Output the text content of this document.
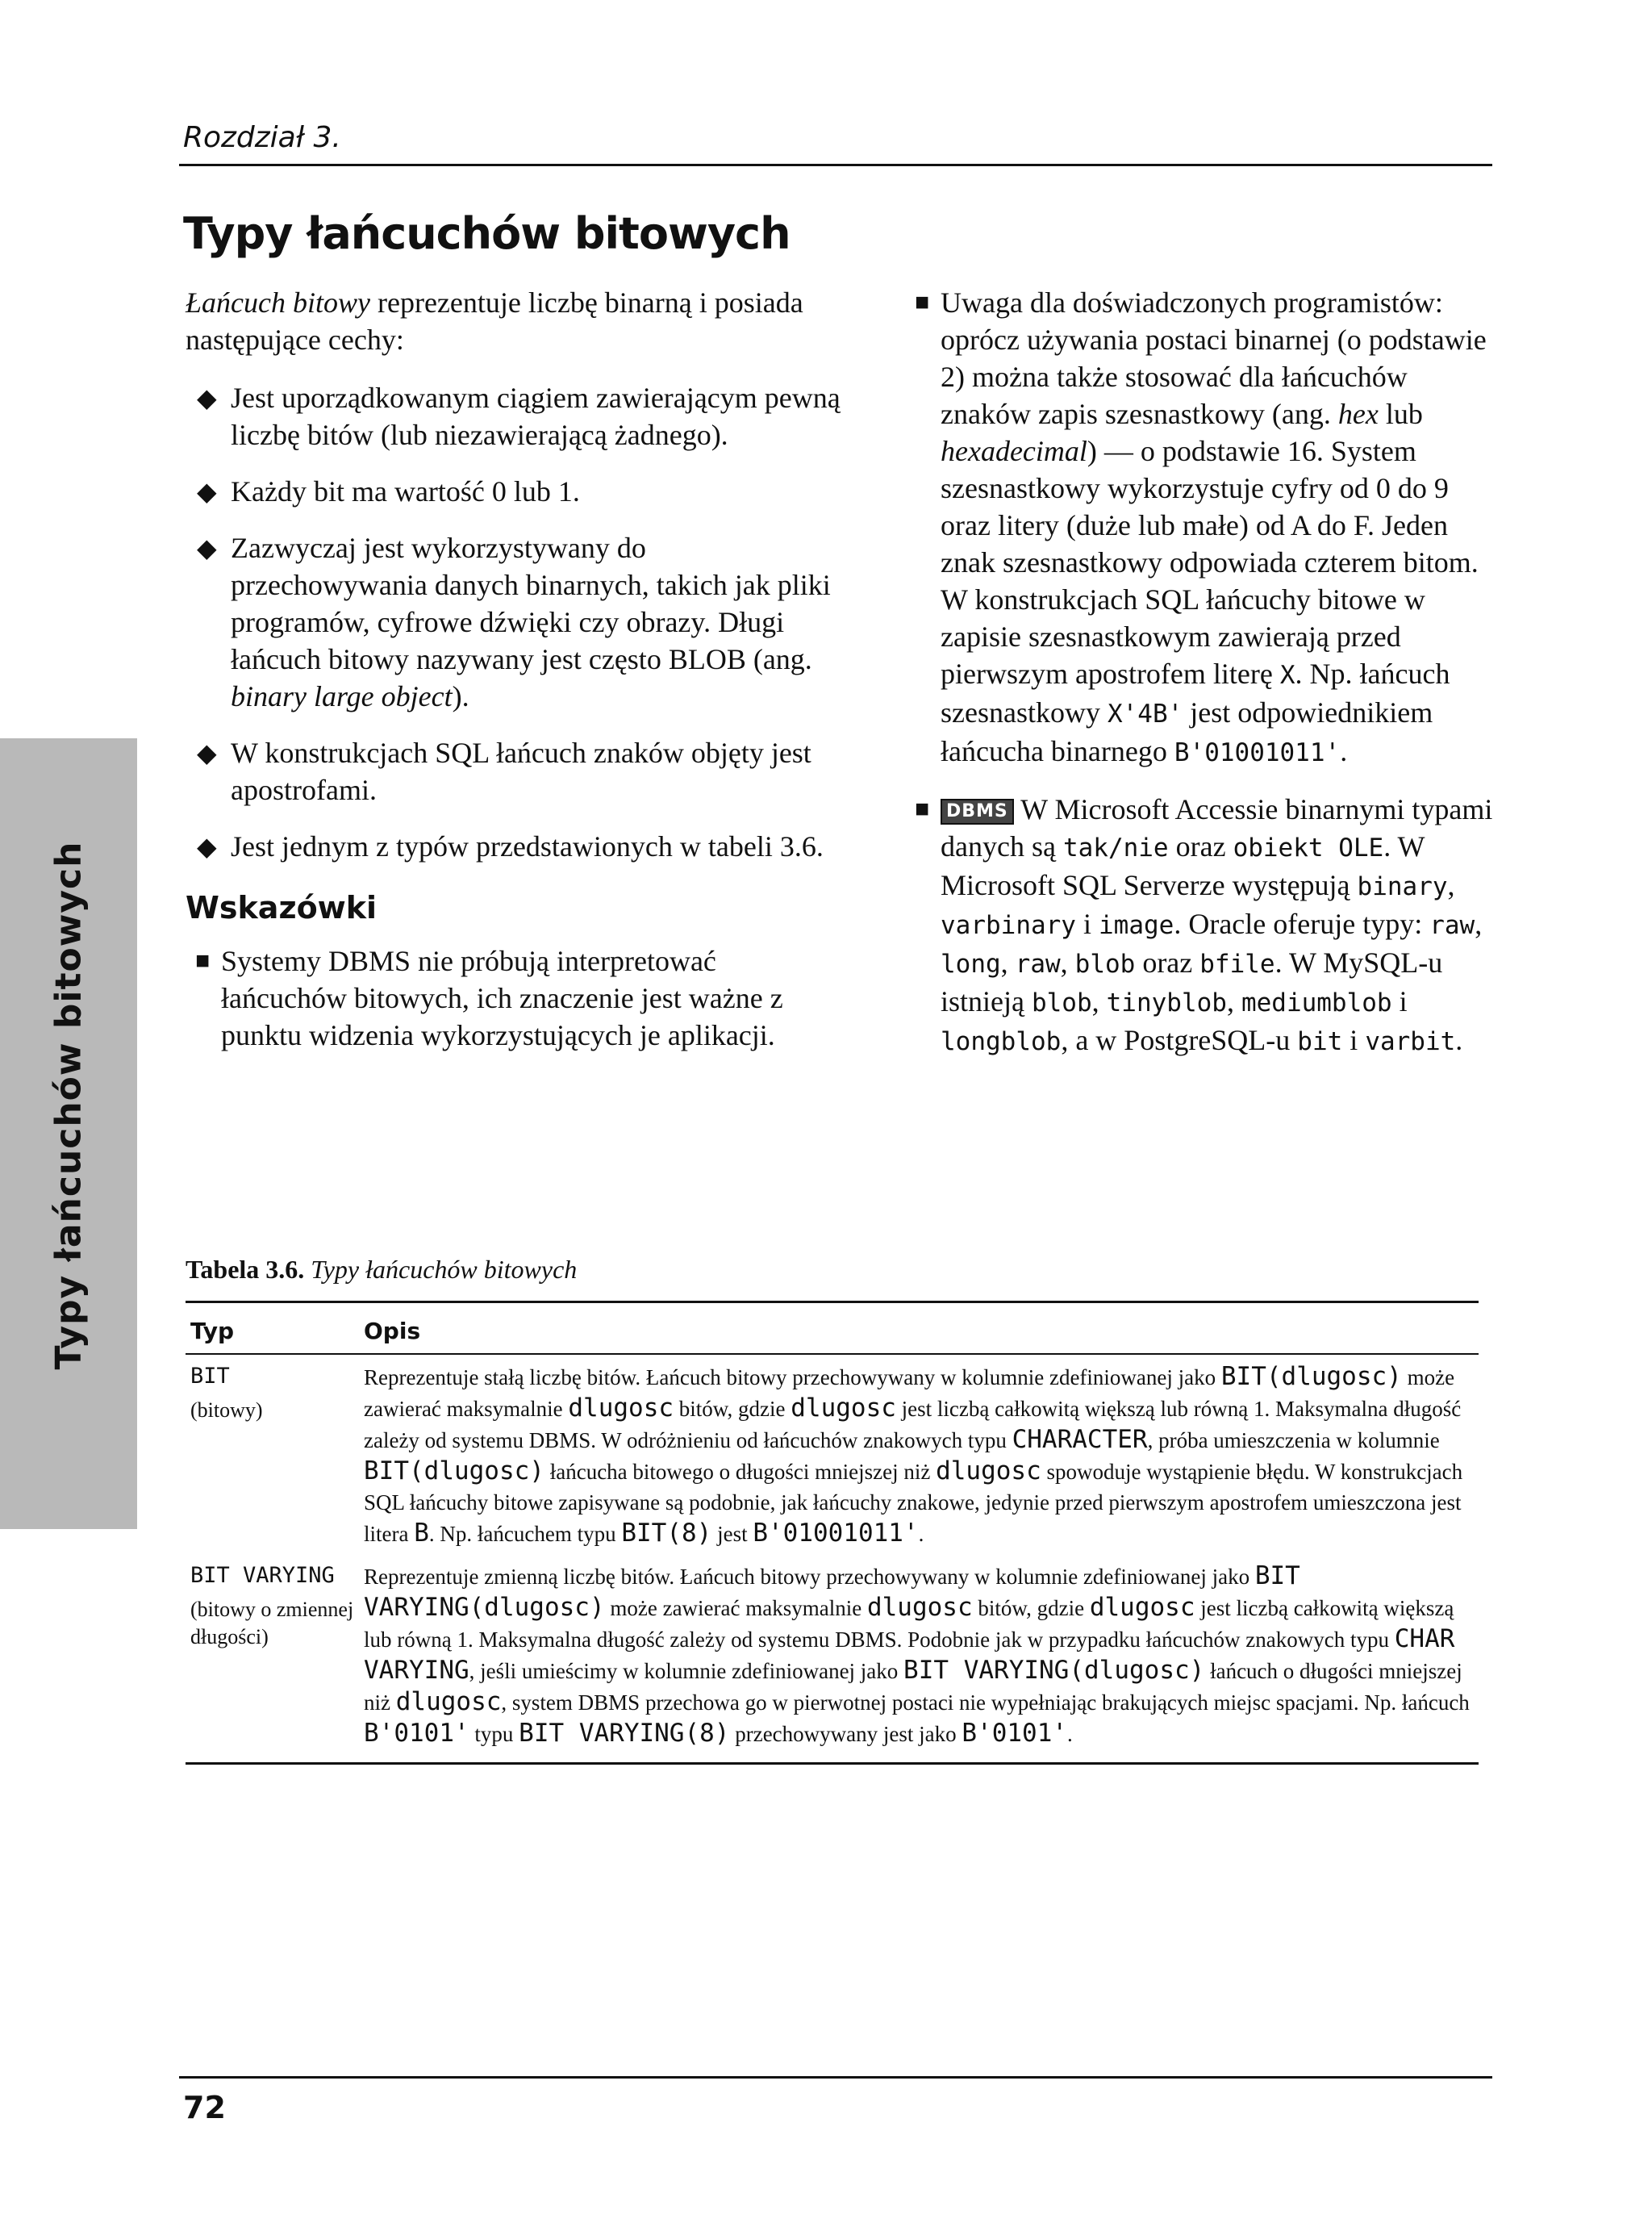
Rozdział 3.
Typy łańcuchów bitowych
Typy łańcuchów bitowych

Łańcuch bitowy reprezentuje liczbę binarną i posiada następujące cechy:

◆ Jest uporządkowanym ciągiem zawierającym pewną liczbę bitów (lub niezawierającą żadnego).
◆ Każdy bit ma wartość 0 lub 1.
◆ Zazwyczaj jest wykorzystywany do przechowywania danych binarnych, takich jak pliki programów, cyfrowe dźwięki czy obrazy. Długi łańcuch bitowy nazywany jest często BLOB (ang. binary large object).
◆ W konstrukcjach SQL łańcuch znaków objęty jest apostrofami.
◆ Jest jednym z typów przedstawionych w tabeli 3.6.
Wskazówki
■ Systemy DBMS nie próbują interpretować łańcuchów bitowych, ich znaczenie jest ważne z punktu widzenia wykorzystujących je aplikacji.
■ Uwaga dla doświadczonych programistów: oprócz używania postaci binarnej (o podstawie 2) można także stosować dla łańcuchów znaków zapis szesnastkowy (ang. hex lub hexadecimal) — o podstawie 16. System szesnastkowy wykorzystuje cyfry od 0 do 9 oraz litery (duże lub małe) od A do F. Jeden znak szesnastkowy odpowiada czterem bitom. W konstrukcjach SQL łańcuchy bitowe w zapisie szesnastkowym zawierają przed pierwszym apostrofem literę X. Np. łańcuch szesnastkowy X'4B' jest odpowiednikiem łańcucha binarnego B'01001011'.
■ DBMS W Microsoft Accessie binarnymi typami danych są tak/nie oraz obiekt OLE. W Microsoft SQL Serverze występują binary, varbinary i image. Oracle oferuje typy: raw, long, raw, blob oraz bfile. W MySQL-u istnieją blob, tinyblob, mediumblob i longblob, a w PostgreSQL-u bit i varbit.
Tabela 3.6. Typy łańcuchów bitowych
Typ	Opis

BIT
(bitowy)	Reprezentuje stałą liczbę bitów. Łańcuch bitowy przechowywany w kolumnie zdefiniowanej jako BIT(dlugosc) może zawierać maksymalnie dlugosc bitów, gdzie dlugosc jest liczbą całkowitą większą lub równą 1. Maksymalna długość zależy od systemu DBMS. W odróżnieniu od łańcuchów znakowych typu CHARACTER, próba umieszczenia w kolumnie BIT(dlugosc) łańcucha bitowego o długości mniejszej niż dlugosc spowoduje wystąpienie błędu. W konstrukcjach SQL łańcuchy bitowe zapisywane są podobnie, jak łańcuchy znakowe, jedynie przed pierwszym apostrofem umieszczona jest litera B. Np. łańcuchem typu BIT(8) jest B'01001011'.

BIT VARYING
(bitowy o zmiennej długości)	Reprezentuje zmienną liczbę bitów. Łańcuch bitowy przechowywany w kolumnie zdefiniowanej jako BIT VARYING(dlugosc) może zawierać maksymalnie dlugosc bitów, gdzie dlugosc jest liczbą całkowitą większą lub równą 1. Maksymalna długość zależy od systemu DBMS. Podobnie jak w przypadku łańcuchów znakowych typu CHAR VARYING, jeśli umieścimy w kolumnie zdefiniowanej jako BIT VARYING(dlugosc) łańcuch o długości mniejszej niż dlugosc, system DBMS przechowa go w pierwotnej postaci nie wypełniając brakujących miejsc spacjami. Np. łańcuch B'0101' typu BIT VARYING(8) przechowywany jest jako B'0101'.
72
